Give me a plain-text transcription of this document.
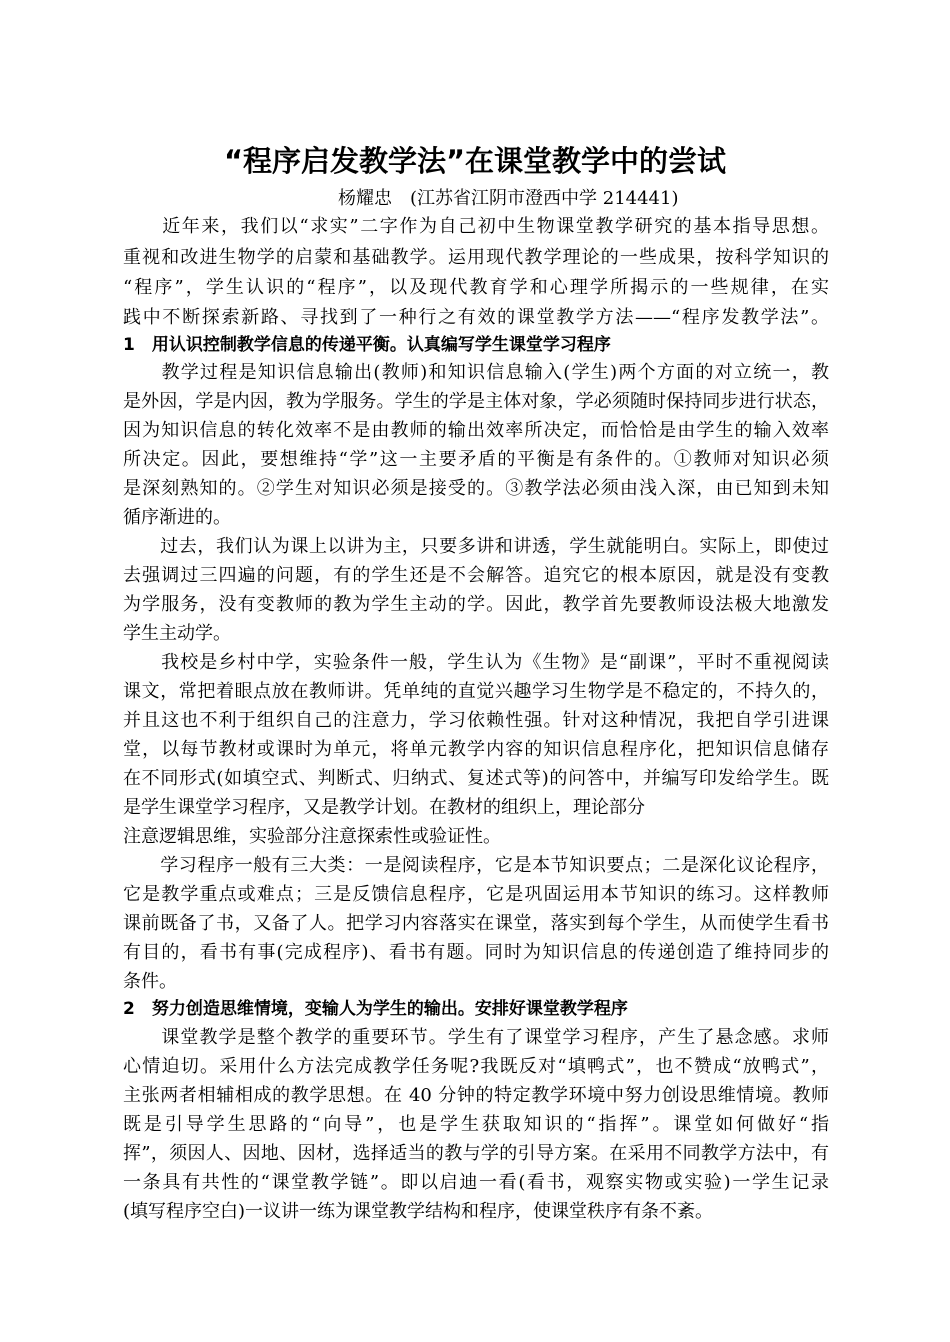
“程序启发教学法”在课堂教学中的尝试
杨耀忠　(江苏省江阴市澄西中学 214441)
　　近年来，我们以“求实”二字作为自己初中生物课堂教学研究的基本指导思想。
重视和改进生物学的启蒙和基础教学。运用现代教学理论的一些成果，按科学知识的
“程序”，学生认识的“程序”，以及现代教育学和心理学所揭示的一些规律，在实
践中不断探索新路、寻找到了一种行之有效的课堂教学方法——“程序发教学法”。
1　用认识控制教学信息的传递平衡。认真编写学生课堂学习程序
　　教学过程是知识信息输出(教师)和知识信息输入(学生)两个方面的对立统一，教
是外因，学是内因，教为学服务。学生的学是主体对象，学必须随时保持同步进行状态，
因为知识信息的转化效率不是由教师的输出效率所决定，而恰恰是由学生的输入效率
所决定。因此，要想维持“学”这一主要矛盾的平衡是有条件的。①教师对知识必须
是深刻熟知的。②学生对知识必须是接受的。③教学法必须由浅入深，由已知到未知
循序渐进的。
　　过去，我们认为课上以讲为主，只要多讲和讲透，学生就能明白。实际上，即使过
去强调过三四遍的问题，有的学生还是不会解答。追究它的根本原因，就是没有变教
为学服务，没有变教师的教为学生主动的学。因此，教学首先要教师设法极大地激发
学生主动学。
　　我校是乡村中学，实验条件一般，学生认为《生物》是“副课”，平时不重视阅读
课文，常把着眼点放在教师讲。凭单纯的直觉兴趣学习生物学是不稳定的，不持久的，
并且这也不利于组织自己的注意力，学习依赖性强。针对这种情况，我把自学引进课
堂，以每节教材或课时为单元，将单元教学内容的知识信息程序化，把知识信息储存
在不同形式(如填空式、判断式、归纳式、复述式等)的问答中，并编写印发给学生。既
是学生课堂学习程序，又是教学计划。在教材的组织上，理论部分
注意逻辑思维，实验部分注意探索性或验证性。
　　学习程序一般有三大类：一是阅读程序，它是本节知识要点；二是深化议论程序，
它是教学重点或难点；三是反馈信息程序，它是巩固运用本节知识的练习。这样教师
课前既备了书，又备了人。把学习内容落实在课堂，落实到每个学生，从而使学生看书
有目的，看书有事(完成程序)、看书有题。同时为知识信息的传递创造了维持同步的
条件。
2　努力创造思维情境，变输人为学生的输出。安排好课堂教学程序
　　课堂教学是整个教学的重要环节。学生有了课堂学习程序，产生了悬念感。求师
心情迫切。采用什么方法完成教学任务呢?我既反对“填鸭式”，也不赞成“放鸭式”，
主张两者相辅相成的教学思想。在 40 分钟的特定教学环境中努力创设思维情境。教师
既是引导学生思路的“向导”，也是学生获取知识的“指挥”。课堂如何做好“指
挥”，须因人、因地、因材，选择适当的教与学的引导方案。在采用不同教学方法中，有
一条具有共性的“课堂教学链”。即以启迪一看(看书，观察实物或实验)一学生记录
(填写程序空白)一议讲一练为课堂教学结构和程序，使课堂秩序有条不紊。
